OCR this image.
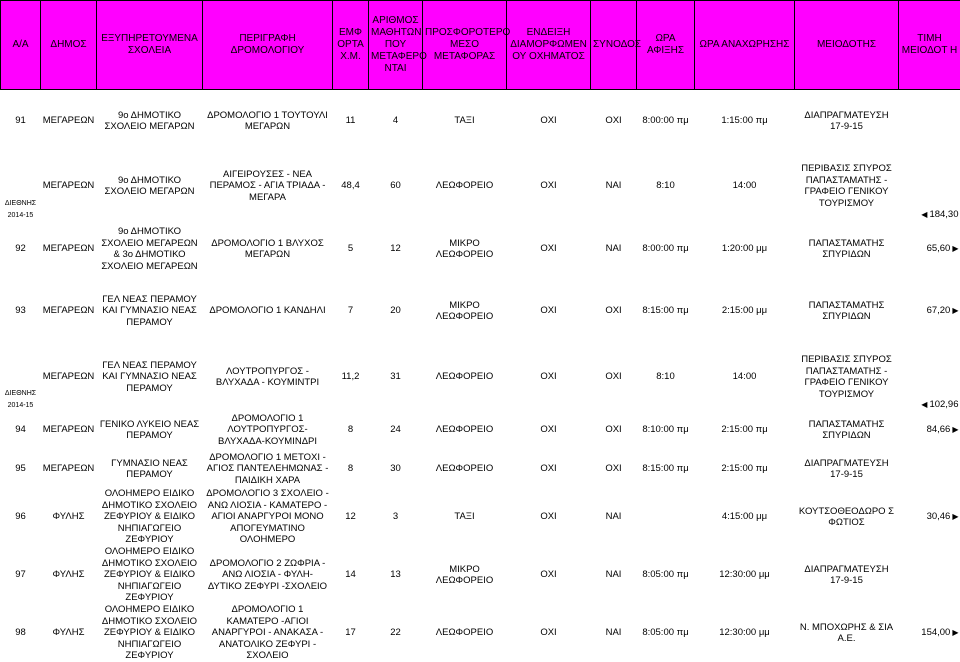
Α/Α	ΔΗΜΟΣ	ΕΞΥΠΗΡΕΤΟΥΜΕΝΑ ΣΧΟΛΕΙΑ	ΠΕΡΙΓΡΑΦΗ ΔΡΟΜΟΛΟΓΙΟΥ	ΕΜΦ ΟΡΤΑ Χ.Μ.	ΑΡΙΘΜΟΣ ΜΑΘΗΤΩΝ ΠΟΥ ΜΕΤΑΦΕΡΟ ΝΤΑΙ	ΠΡΟΣΦΟΡΟΤΕΡΟ ΜΕΣΟ ΜΕΤΑΦΟΡΑΣ	ΕΝΔΕΙΞΗ ΔΙΑΜΟΡΦΩΜΕΝ ΟΥ ΟΧΗΜΑΤΟΣ	ΣΥΝΟΔΟΣ	ΩΡΑ ΑΦΙΞΗΣ	ΩΡΑ ΑΝΑΧΩΡΗΣΗΣ	ΜΕΙΟΔΟΤΗΣ	ΤΙΜΗ ΜΕΙΟΔΟΤ Η

91	ΜΕΓΑΡΕΩΝ	9ο ΔΗΜΟΤΙΚΟ ΣΧΟΛΕΙΟ ΜΕΓΑΡΩΝ	ΔΡΟΜΟΛΟΓΙΟ 1 ΤΟΥΤΟΥΛΙ ΜΕΓΑΡΩΝ	11	4	ΤΑΞΙ	ΟΧΙ	ΟΧΙ	8:00:00 πμ	1:15:00 πμ	ΔΙΑΠΡΑΓΜΑΤΕΥΣΗ 17-9-15	

ΔΙΕΘΝΗΣ 2014-15	ΜΕΓΑΡΕΩΝ	9ο ΔΗΜΟΤΙΚΟ ΣΧΟΛΕΙΟ ΜΕΓΑΡΩΝ	ΑΙΓΕΙΡΟΥΣΕΣ - ΝΕΑ ΠΕΡΑΜΟΣ - ΑΓΙΑ ΤΡΙΑΔΑ - ΜΕΓΑΡΑ	48,4	60	ΛΕΩΦΟΡΕΙΟ	ΟΧΙ	ΝΑΙ	8:10	14:00	ΠΕΡΙΒΑΣΙΣ ΣΠΥΡΟΣ ΠΑΠΑΣΤΑΜΑΤΗΣ - ΓΡΑΦΕΙΟ ΓΕΝΙΚΟΥ ΤΟΥΡΙΣΜΟΥ	◀ 184,30

92	ΜΕΓΑΡΕΩΝ	9ο ΔΗΜΟΤΙΚΟ ΣΧΟΛΕΙΟ ΜΕΓΑΡΕΩΝ & 3ο ΔΗΜΟΤΙΚΟ ΣΧΟΛΕΙΟ ΜΕΓΑΡΕΩΝ	ΔΡΟΜΟΛΟΓΙΟ 1 ΒΛΥΧΟΣ ΜΕΓΑΡΩΝ	5	12	ΜΙΚΡΟ ΛΕΩΦΟΡΕΙΟ	ΟΧΙ	ΝΑΙ	8:00:00 πμ	1:20:00 μμ	ΠΑΠΑΣΤΑΜΑΤΗΣ ΣΠΥΡΙΔΩΝ	65,60 ▶

93	ΜΕΓΑΡΕΩΝ	ΓΕΛ ΝΕΑΣ ΠΕΡΑΜΟΥ ΚΑΙ ΓΥΜΝΑΣΙΟ ΝΕΑΣ ΠΕΡΑΜΟΥ	ΔΡΟΜΟΛΟΓΙΟ 1 ΚΑΝΔΗΛΙ	7	20	ΜΙΚΡΟ ΛΕΩΦΟΡΕΙΟ	ΟΧΙ	ΟΧΙ	8:15:00 πμ	2:15:00 μμ	ΠΑΠΑΣΤΑΜΑΤΗΣ ΣΠΥΡΙΔΩΝ	67,20 ▶

ΔΙΕΘΝΗΣ 2014-15	ΜΕΓΑΡΕΩΝ	ΓΕΛ ΝΕΑΣ ΠΕΡΑΜΟΥ ΚΑΙ ΓΥΜΝΑΣΙΟ ΝΕΑΣ ΠΕΡΑΜΟΥ	ΛΟΥΤΡΟΠΥΡΓΟΣ - ΒΛΥΧΑΔΑ - ΚΟΥΜΙΝΤΡΙ	11,2	31	ΛΕΩΦΟΡΕΙΟ	ΟΧΙ	ΟΧΙ	8:10	14:00	ΠΕΡΙΒΑΣΙΣ ΣΠΥΡΟΣ ΠΑΠΑΣΤΑΜΑΤΗΣ - ΓΡΑΦΕΙΟ ΓΕΝΙΚΟΥ ΤΟΥΡΙΣΜΟΥ	◀ 102,96

94	ΜΕΓΑΡΕΩΝ	ΓΕΝΙΚΟ ΛΥΚΕΙΟ ΝΕΑΣ ΠΕΡΑΜΟΥ	ΔΡΟΜΟΛΟΓΙΟ 1 ΛΟΥΤΡΟΠΥΡΓΟΣ-ΒΛΥΧΑΔΑ-ΚΟΥΜΙΝΔΡΙ	8	24	ΛΕΩΦΟΡΕΙΟ	ΟΧΙ	ΟΧΙ	8:10:00 πμ	2:15:00 πμ	ΠΑΠΑΣΤΑΜΑΤΗΣ ΣΠΥΡΙΔΩΝ	84,66 ▶

95	ΜΕΓΑΡΕΩΝ	ΓΥΜΝΑΣΙΟ ΝΕΑΣ ΠΕΡΑΜΟΥ	ΔΡΟΜΟΛΟΓΙΟ 1 ΜΕΤΟΧΙ - ΑΓΙΟΣ ΠΑΝΤΕΛΕΗΜΩΝΑΣ - ΠΑΙΔΙΚΗ ΧΑΡΑ	8	30	ΛΕΩΦΟΡΕΙΟ	ΟΧΙ	ΟΧΙ	8:15:00 πμ	2:15:00 πμ	ΔΙΑΠΡΑΓΜΑΤΕΥΣΗ 17-9-15	
96	ΦΥΛΗΣ	ΟΛΟΗΜΕΡΟ ΕΙΔΙΚΟ ΔΗΜΟΤΙΚΟ ΣΧΟΛΕΙΟ ΖΕΦΥΡΙΟΥ & ΕΙΔΙΚΟ ΝΗΠΙΑΓΩΓΕΙΟ ΖΕΦΥΡΙΟΥ	ΔΡΟΜΟΛΟΓΙΟ 3 ΣΧΟΛΕΙΟ - ΑΝΩ ΛΙΟΣΙΑ - ΚΑΜΑΤΕΡΟ - ΑΓΙΟΙ ΑΝΑΡΓΥΡΟΙ ΜΟΝΟ ΑΠΟΓΕΥΜΑΤΙΝΟ ΟΛΟΗΜΕΡΟ	12	3	ΤΑΞΙ	ΟΧΙ	ΝΑΙ		4:15:00 μμ	ΚΟΥΤΣΟΘΕΟΔΩΡΟ Σ ΦΩΤΙΟΣ	30,46 ▶

97	ΦΥΛΗΣ	ΟΛΟΗΜΕΡΟ ΕΙΔΙΚΟ ΔΗΜΟΤΙΚΟ ΣΧΟΛΕΙΟ ΖΕΦΥΡΙΟΥ & ΕΙΔΙΚΟ ΝΗΠΙΑΓΩΓΕΙΟ ΖΕΦΥΡΙΟΥ	ΔΡΟΜΟΛΟΓΙΟ 2 ΖΩΦΡΙΑ - ΑΝΩ ΛΙΟΣΙΑ - ΦΥΛΗ- ΔΥΤΙΚΟ ΖΕΦΥΡΙ -ΣΧΟΛΕΙΟ	14	13	ΜΙΚΡΟ ΛΕΩΦΟΡΕΙΟ	ΟΧΙ	ΝΑΙ	8:05:00 πμ	12:30:00 μμ	ΔΙΑΠΡΑΓΜΑΤΕΥΣΗ 17-9-15	
98	ΦΥΛΗΣ	ΟΛΟΗΜΕΡΟ ΕΙΔΙΚΟ ΔΗΜΟΤΙΚΟ ΣΧΟΛΕΙΟ ΖΕΦΥΡΙΟΥ & ΕΙΔΙΚΟ ΝΗΠΙΑΓΩΓΕΙΟ ΖΕΦΥΡΙΟΥ	ΔΡΟΜΟΛΟΓΙΟ 1 ΚΑΜΑΤΕΡΟ -ΑΓΙΟΙ ΑΝΑΡΓΥΡΟΙ - ΑΝΑΚΑΣΑ - ΑΝΑΤΟΛΙΚΟ ΖΕΦΥΡΙ - ΣΧΟΛΕΙΟ	17	22	ΛΕΩΦΟΡΕΙΟ	ΟΧΙ	ΝΑΙ	8:05:00 πμ	12:30:00 μμ	Ν. ΜΠΟΧΩΡΗΣ & ΣΙΑ Α.Ε.	154,00 ▶
